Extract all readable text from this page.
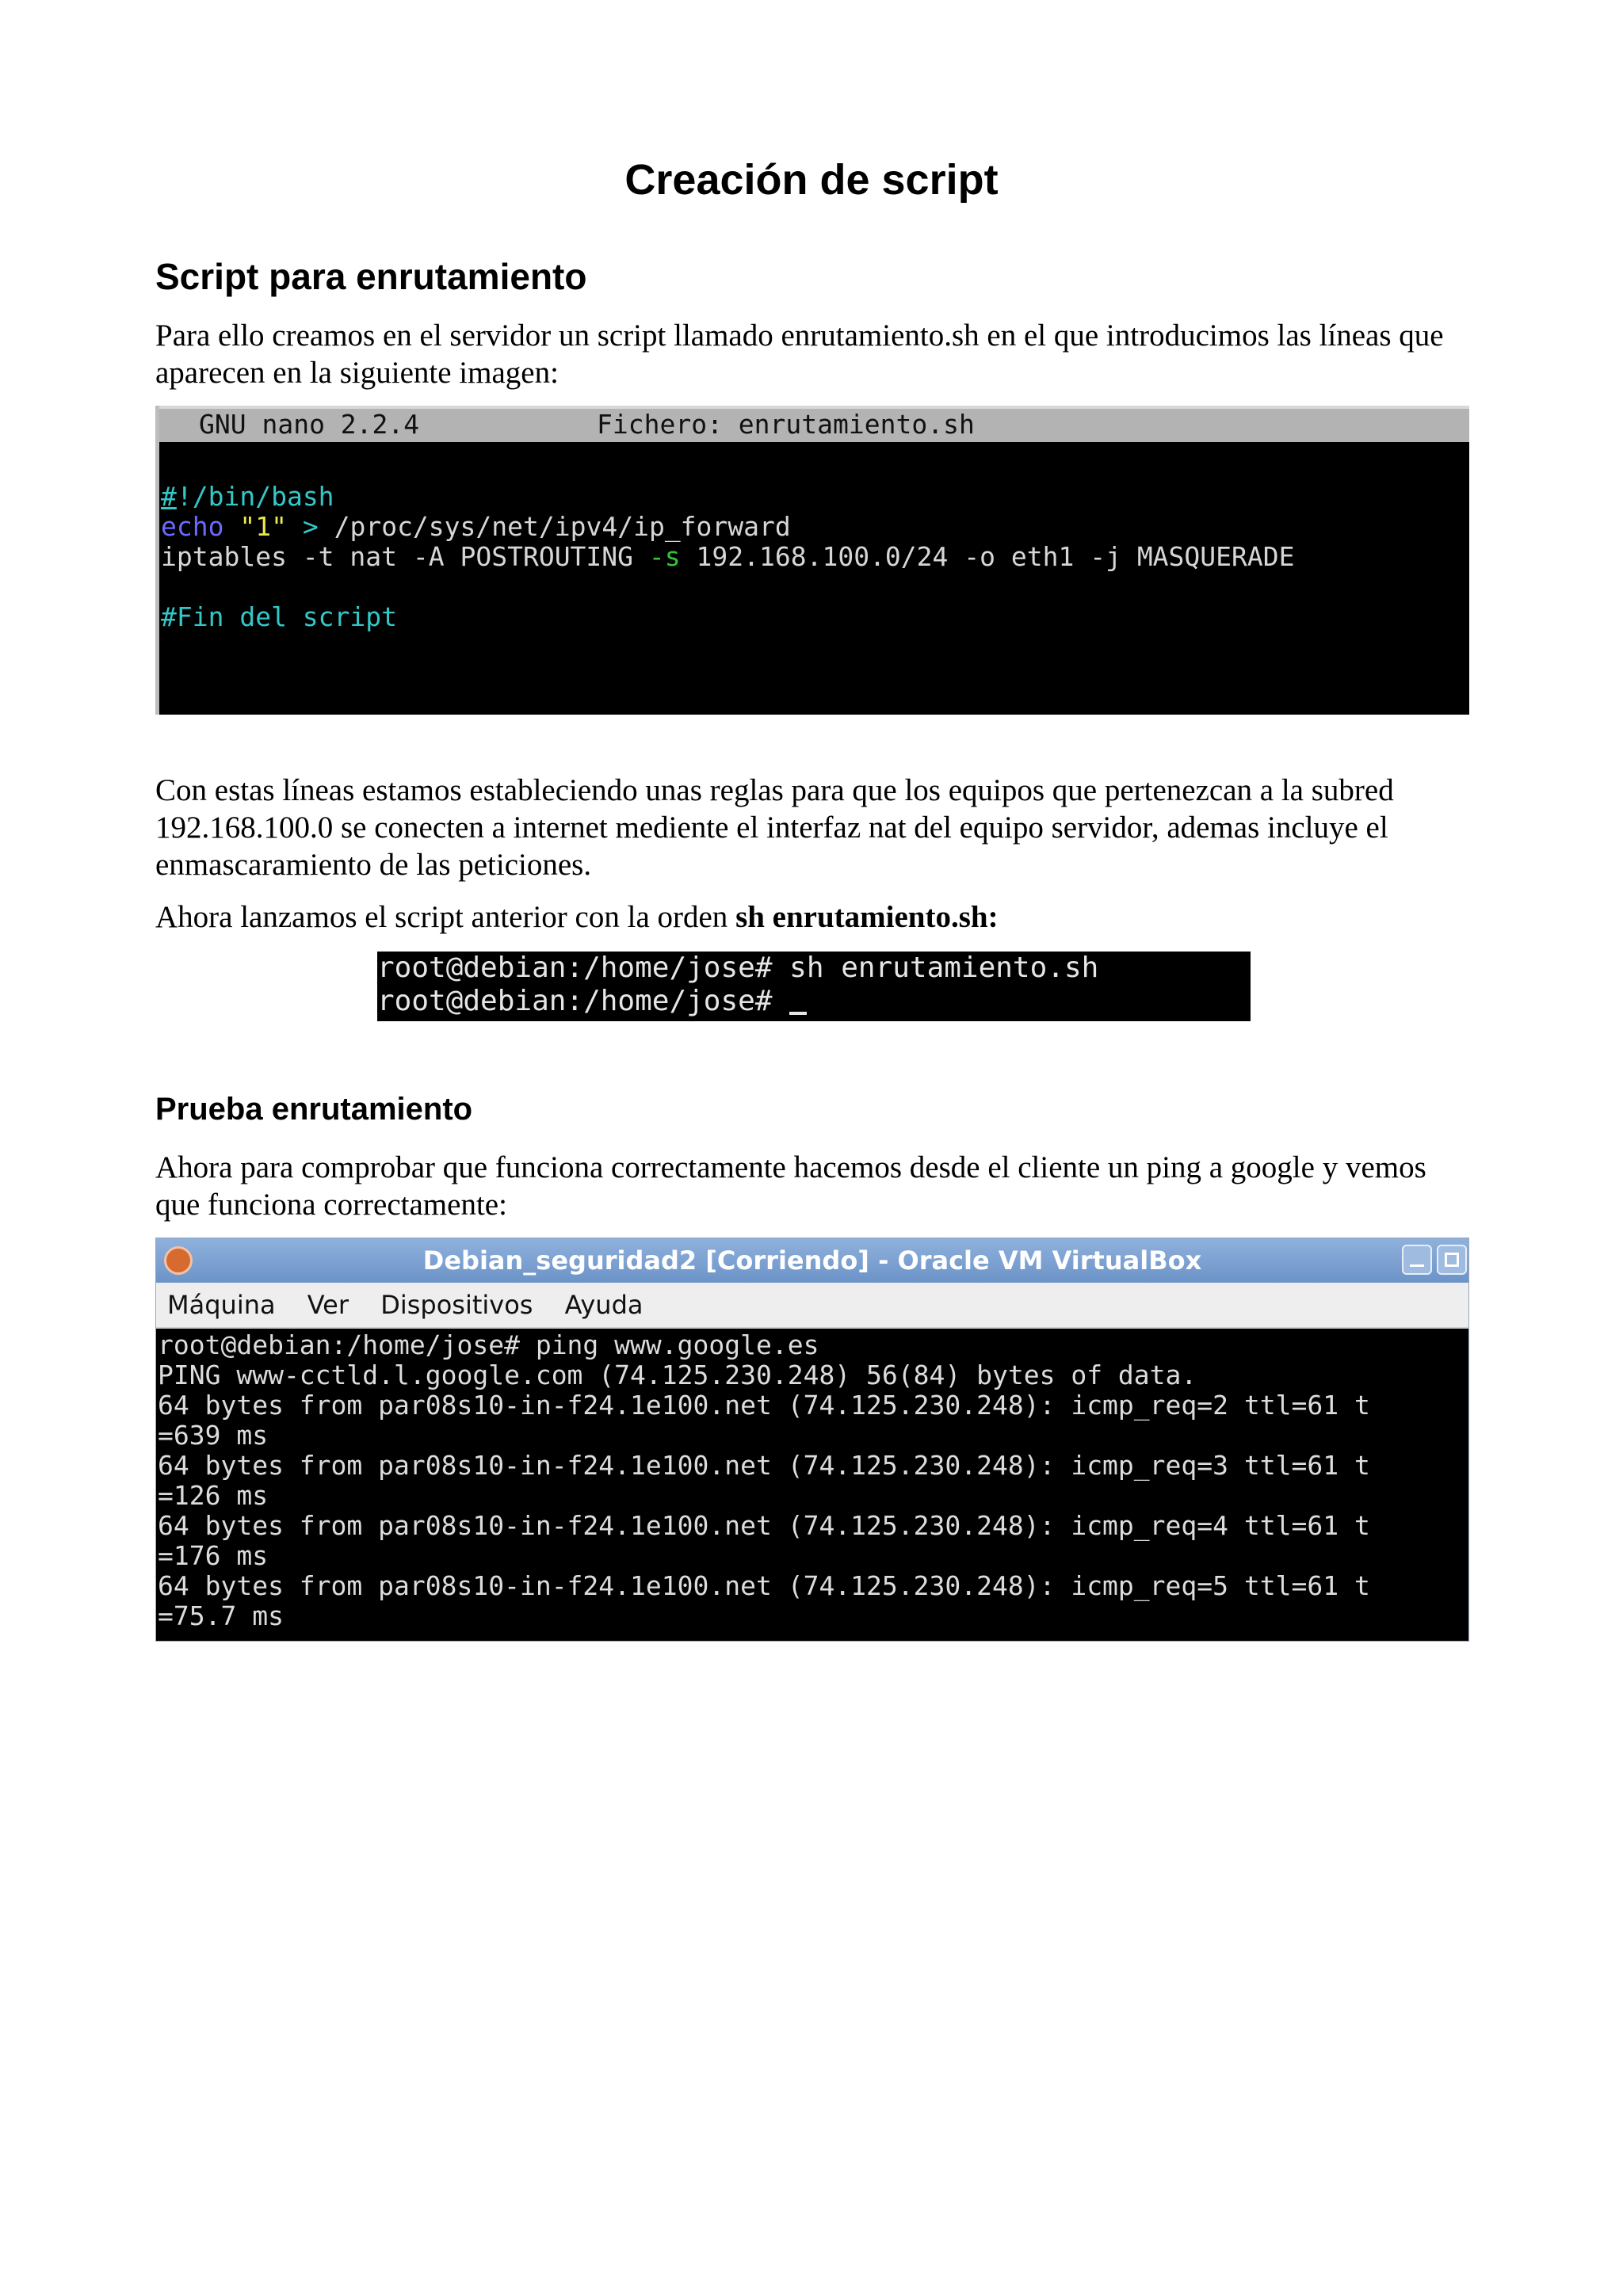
Creación de script
Script para enrutamiento

Para ello creamos en el servidor un script llamado enrutamiento.sh en el que introducimos las líneas que aparecen en la siguiente imagen:

GNU nano 2.2.4

	Fichero: enrutamiento.sh

#!/bin/bash
echo "1" > /proc/sys/net/ipv4/ip_forward
iptables -t nat -A POSTROUTING -s 192.168.100.0/24 -o eth1 -j MASQUERADE

#Fin del script

Con estas líneas estamos estableciendo unas reglas para que los equipos que pertenezcan a la subred 192.168.100.0 se conecten a internet mediente el interfaz nat del equipo servidor, ademas incluye el enmascaramiento de las peticiones.

Ahora lanzamos el script anterior con la orden sh enrutamiento.sh:

root@debian:/home/jose# sh enrutamiento.sh
root@debian:/home/jose#
Prueba enrutamiento

Ahora para comprobar que funciona correctamente hacemos desde el cliente un ping a google y vemos que funciona correctamente:

Debian_seguridad2 [Corriendo] - Oracle VM VirtualBox
Máquina Ver Dispositivos Ayuda
root@debian:/home/jose# ping www.google.es
PING www-cctld.l.google.com (74.125.230.248) 56(84) bytes of data.
64 bytes from par08s10-in-f24.1e100.net (74.125.230.248): icmp_req=2 ttl=61 t
=639 ms
64 bytes from par08s10-in-f24.1e100.net (74.125.230.248): icmp_req=3 ttl=61 t
=126 ms
64 bytes from par08s10-in-f24.1e100.net (74.125.230.248): icmp_req=4 ttl=61 t
=176 ms
64 bytes from par08s10-in-f24.1e100.net (74.125.230.248): icmp_req=5 ttl=61 t
=75.7 ms
